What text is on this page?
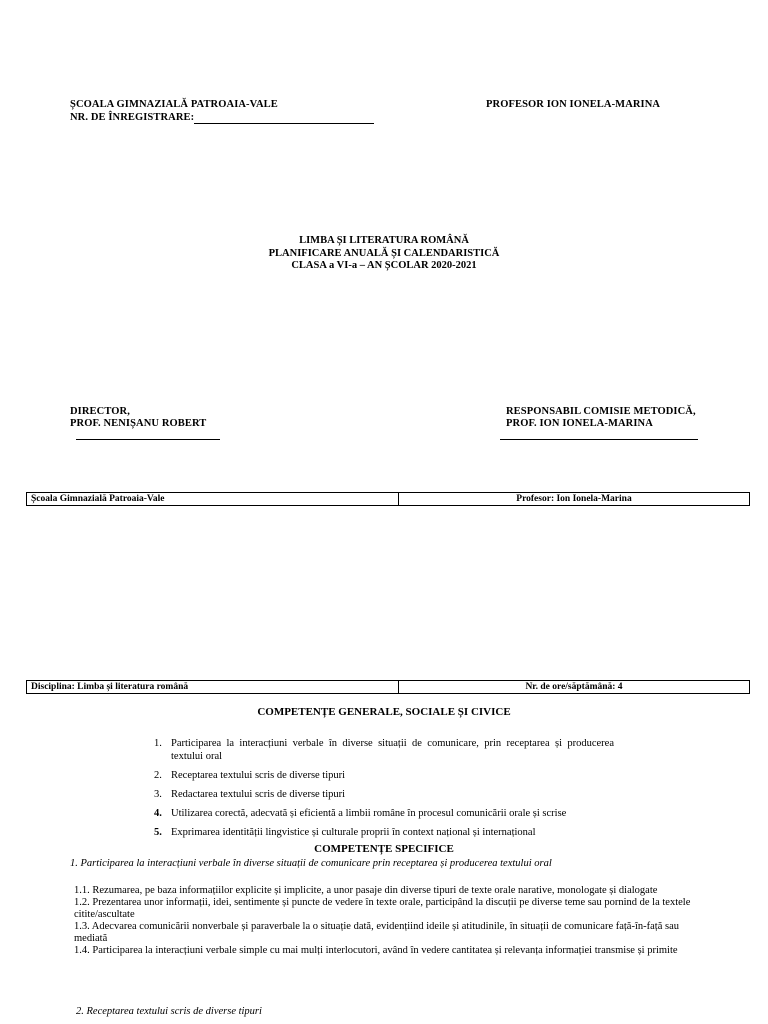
ȘCOALA GIMNAZIALĂ PATROAIA-VALE
NR. DE ÎNREGISTRARE:
PROFESOR ION IONELA-MARINA
LIMBA ȘI LITERATURA ROMÂNĂ
PLANIFICARE ANUALĂ ȘI CALENDARISTICĂ
CLASA a VI-a – AN ȘCOLAR 2020-2021
DIRECTOR,
PROF. NENIȘANU ROBERT
RESPONSABIL COMISIE METODICĂ,
PROF. ION IONELA-MARINA
Școala Gimnazială Patroaia-Vale	Profesor: Ion Ionela-Marina
Disciplina: Limba și literatura română	Nr. de ore/săptămână: 4
COMPETENȚE GENERALE, SOCIALE ȘI CIVICE
1. Participarea la interacțiuni verbale în diverse situații de comunicare, prin receptarea și producerea textului oral
2. Receptarea textului scris de diverse tipuri
3. Redactarea textului scris de diverse tipuri
4. Utilizarea corectă, adecvată și eficientă a limbii române în procesul comunicării orale și scrise
5. Exprimarea identității lingvistice și culturale proprii în context național și internațional
COMPETENȚE SPECIFICE
1. Participarea la interacțiuni verbale în diverse situații de comunicare prin receptarea și producerea textului oral
1.1. Rezumarea, pe baza informațiilor explicite și implicite, a unor pasaje din diverse tipuri de texte orale narative, monologate și dialogate
1.2. Prezentarea unor informații, idei, sentimente și puncte de vedere în texte orale, participând la discuții pe diverse teme sau pornind de la textele citite/ascultate
1.3. Adecvarea comunicării nonverbale și paraverbale la o situație dată, evidențiind ideile și atitudinile, în situații de comunicare față-în-față sau mediată
1.4. Participarea la interacțiuni verbale simple cu mai mulți interlocutori, având în vedere cantitatea și relevanța informației transmise și primite
2. Receptarea textului scris de diverse tipuri
